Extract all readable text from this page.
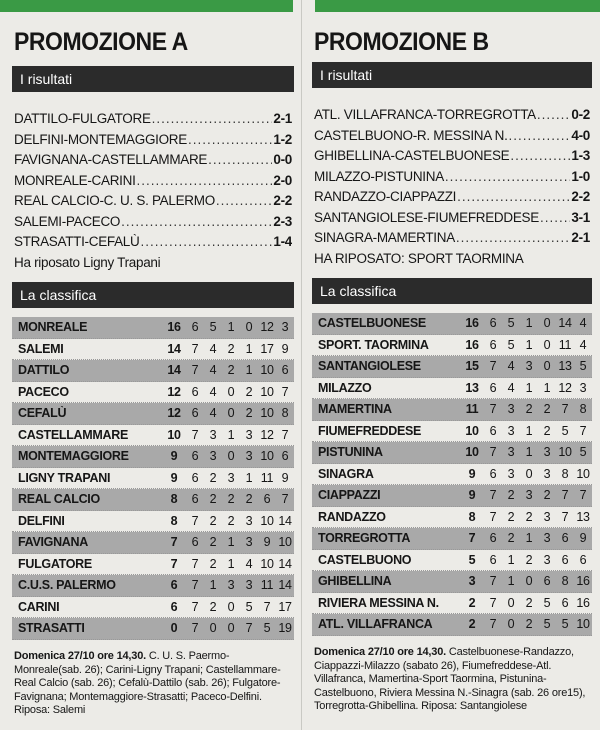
PROMOZIONE A
I risultati
DATTILO-FULGATORE .....	2-1
DELFINI-MONTEMAGGIORE .....	1-2
FAVIGNANA-CASTELLAMMARE .....	0-0
MONREALE-CARINI .....	2-0
REAL CALCIO-C. U. S. PALERMO .....	2-2
SALEMI-PACECO .....	2-3
STRASATTI-CEFALÙ .....	1-4
Ha riposato Ligny Trapani
La classifica
MONREALE	16 6 5 1 0 12 3
SALEMI	14 7 4 2 1 17 9
DATTILO	14 7 4 2 1 10 6
PACECO	12 6 4 0 2 10 7
CEFALÙ	12 6 4 0 2 10 8
CASTELLAMMARE	10 7 3 1 3 12 7
MONTEMAGGIORE	9	6 3 0 3 10 6
LIGNY TRAPANI	9	6 2 3 1 11 9
REAL CALCIO	8	6 2 2 2 6 7
DELFINI	8	7 2 2 3 10 14
FAVIGNANA	7	6 2 1 3 9 10
FULGATORE	7	7 2 1 4 10 14
C.U.S. PALERMO	6	7 1 3 3 11 14
CARINI	6	7 2 0 5 7 17
STRASATTI	0	7 0 0 7 5 19
Domenica 27/10 ore 14,30. C. U. S. Paermo-Monreale(sab. 26); Carini-Ligny Trapani; Castellammare-Real Calcio (sab. 26); Cefalù-Dattilo (sab. 26); Fulgatore-Favignana; Montemaggiore-Strasatti; Paceco-Delfini. Riposa: Salemi
PROMOZIONE B
I risultati
ATL. VILLAFRANCA-TORREGROTTA .....	0-2
CASTELBUONO-R. MESSINA N. .....	4-0
GHIBELLINA-CASTELBUONESE .....	1-3
MILAZZO-PISTUNINA .....	1-0
RANDAZZO-CIAPPAZZI .....	2-2
SANTANGIOLESE-FIUMEFREDDESE ..... 3-1
SINAGRA-MAMERTINA .....	2-1
HA RIPOSATO: SPORT TAORMINA
La classifica
CASTELBUONESE	16 6 5 1 0 14 4
SPORT. TAORMINA	16 6 5 1 0 11 4
SANTANGIOLESE	15 7 4 3 0 13 5
MILAZZO	13 6 4 1 1 12 3
MAMERTINA	11 7 3 2 2 7 8
FIUMEFREDDESE	10 6 3 1 2 5 7
PISTUNINA	10 7 3 1 3 10 5
SINAGRA	9	6 3 0 3 8 10
CIAPPAZZI	9	7 2 3 2 7 7
RANDAZZO	8	7 2 2 3 7 13
TORREGROTTA	7	6 2 1 3 6 9
CASTELBUONO	5	6 1 2 3 6 6
GHIBELLINA	3	7 1 0 6 8 16
RIVIERA MESSINA N.	2	7 0 2 5 6 16
ATL. VILLAFRANCA	2	7 0 2 5 5 10
Domenica 27/10 ore 14,30. Castelbuonese-Randazzo, Ciappazzi-Milazzo (sabato 26), Fiumefreddese-Atl. Villafranca, Mamertina-Sport Taormina, Pistunina-Castelbuono, Riviera Messina N.-Sinagra (sab. 26 ore15), Torregrotta-Ghibellina. Riposa: Santangiolese
